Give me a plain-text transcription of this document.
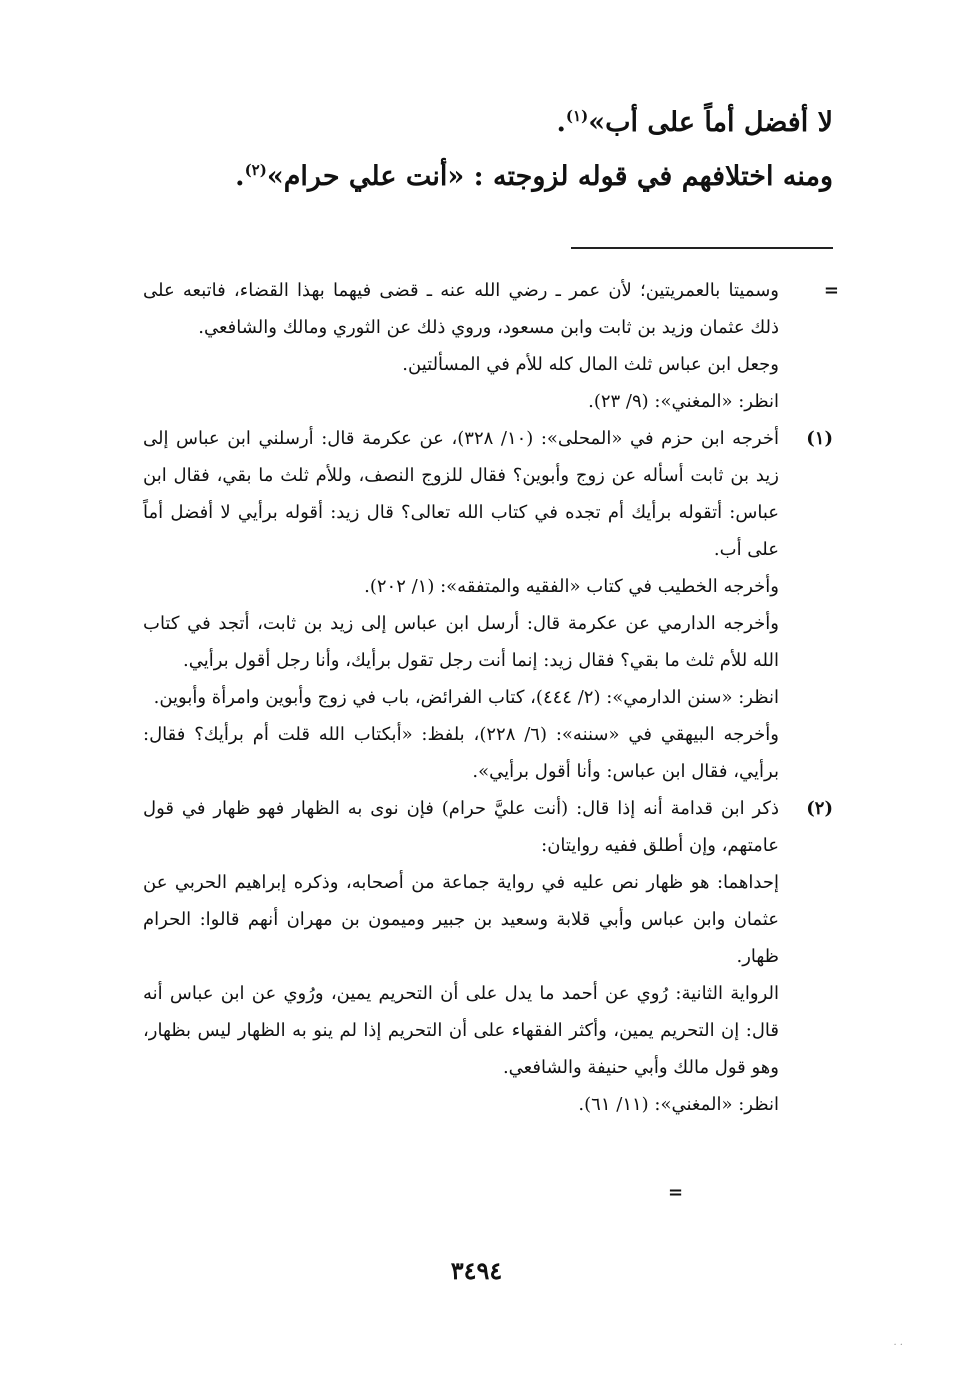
لا أفضل أماً على أب»$^{(١)}$.
ومنه اختلافهم في قوله لزوجته : «أنت علي حرام»$^{(٢)}$.
=

وسميتا بالعمريتين؛ لأن عمر ـ رضي الله عنه ـ قضى فيهما بهذا القضاء، فاتبعه على ذلك عثمان وزيد بن ثابت وابن مسعود، وروي ذلك عن الثوري ومالك والشافعي.

وجعل ابن عباس ثلث المال كله للأم في المسألتين.

انظر: «المغني»: (٩/ ٢٣).

(١)

أخرجه ابن حزم في «المحلى»: (١٠/ ٣٢٨)، عن عكرمة قال: أرسلني ابن عباس إلى زيد بن ثابت أسأله عن زوج وأبوين؟ فقال للزوج النصف، وللأم ثلث ما بقي، فقال ابن عباس: أتقوله برأيك أم تجده في كتاب الله تعالى؟ قال زيد: أقوله برأيي لا أفضل أماً على أب.

وأخرجه الخطيب في كتاب «الفقيه والمتفقه»: (١/ ٢٠٢).

وأخرجه الدارمي عن عكرمة قال: أرسل ابن عباس إلى زيد بن ثابت، أتجد في كتاب الله للأم ثلث ما بقي؟ فقال زيد: إنما أنت رجل تقول برأيك، وأنا رجل أقول برأيي.

انظر: «سنن الدارمي»: (٢/ ٤٤٤)، كتاب الفرائض، باب في زوج وأبوين وامرأة وأبوين.

وأخرجه البيهقي في «سننه»: (٦/ ٢٢٨)، بلفظ: «أبكتاب الله قلت أم برأيك؟ فقال: برأيي، فقال ابن عباس: وأنا أقول برأيي».

(٢)

ذكر ابن قدامة أنه إذا قال: (أنت عليَّ حرام) فإن نوى به الظهار فهو ظهار في قول عامتهم، وإن أطلق ففيه روايتان:

إحداهما: هو ظهار نص عليه في رواية جماعة من أصحابه، وذكره إبراهيم الحربي عن عثمان وابن عباس وأبي قلابة وسعيد بن جبير وميمون بن مهران أنهم قالوا: الحرام ظهار.

الرواية الثانية: رُوي عن أحمد ما يدل على أن التحريم يمين، ورُوي عن ابن عباس أنه قال: إن التحريم يمين، وأكثر الفقهاء على أن التحريم إذا لم ينو به الظهار ليس بظهار، وهو قول مالك وأبي حنيفة والشافعي.

انظر: «المغني»: (١١/ ٦١).

=
٣٤٩٤
· ·
